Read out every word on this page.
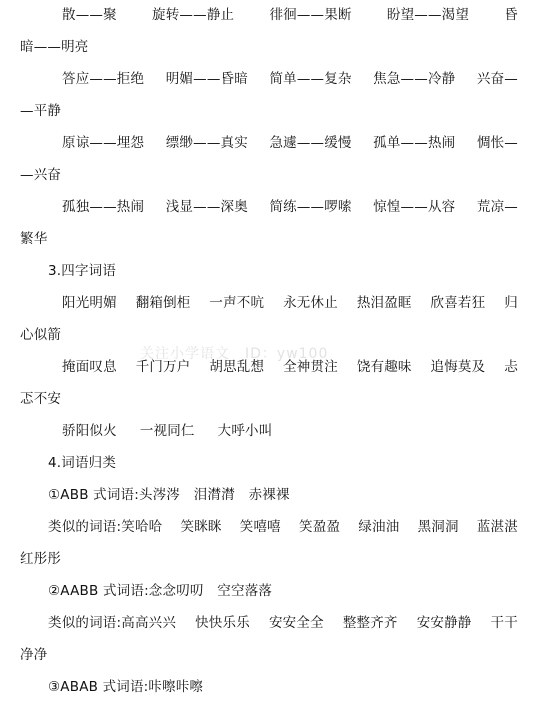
关注小学语文　ID：yw100
散——聚	旋转——静止	徘徊——果断	盼望——渴望	昏
暗——明亮
答应——拒绝 明媚——昏暗 简单——复杂 焦急——冷静 兴奋—
—平静
原谅——埋怨 缥缈——真实 急遽——缓慢 孤单——热闹 惆怅—
—兴奋
孤独——热闹 浅显——深奥 简练——啰嗦 惊惶——从容 荒凉—
繁华
3.四字词语
阳光明媚 翻箱倒柜 一声不吭 永无休止 热泪盈眶 欣喜若狂 归
心似箭
掩面叹息 千门万户 胡思乱想 全神贯注 饶有趣味 追悔莫及 忐
忑不安
骄阳似火 一视同仁 大呼小叫
4.词语归类
①ABB 式词语:头涔涔　泪潸潸　赤裸裸
类似的词语:笑哈哈 笑眯眯 笑嘻嘻 笑盈盈 绿油油 黑洞洞 蓝湛湛
红彤彤
②AABB 式词语:念念叨叨　空空落落
类似的词语:高高兴兴 快快乐乐 安安全全 整整齐齐 安安静静 干干
净净
③ABAB 式词语:咔嚓咔嚓
